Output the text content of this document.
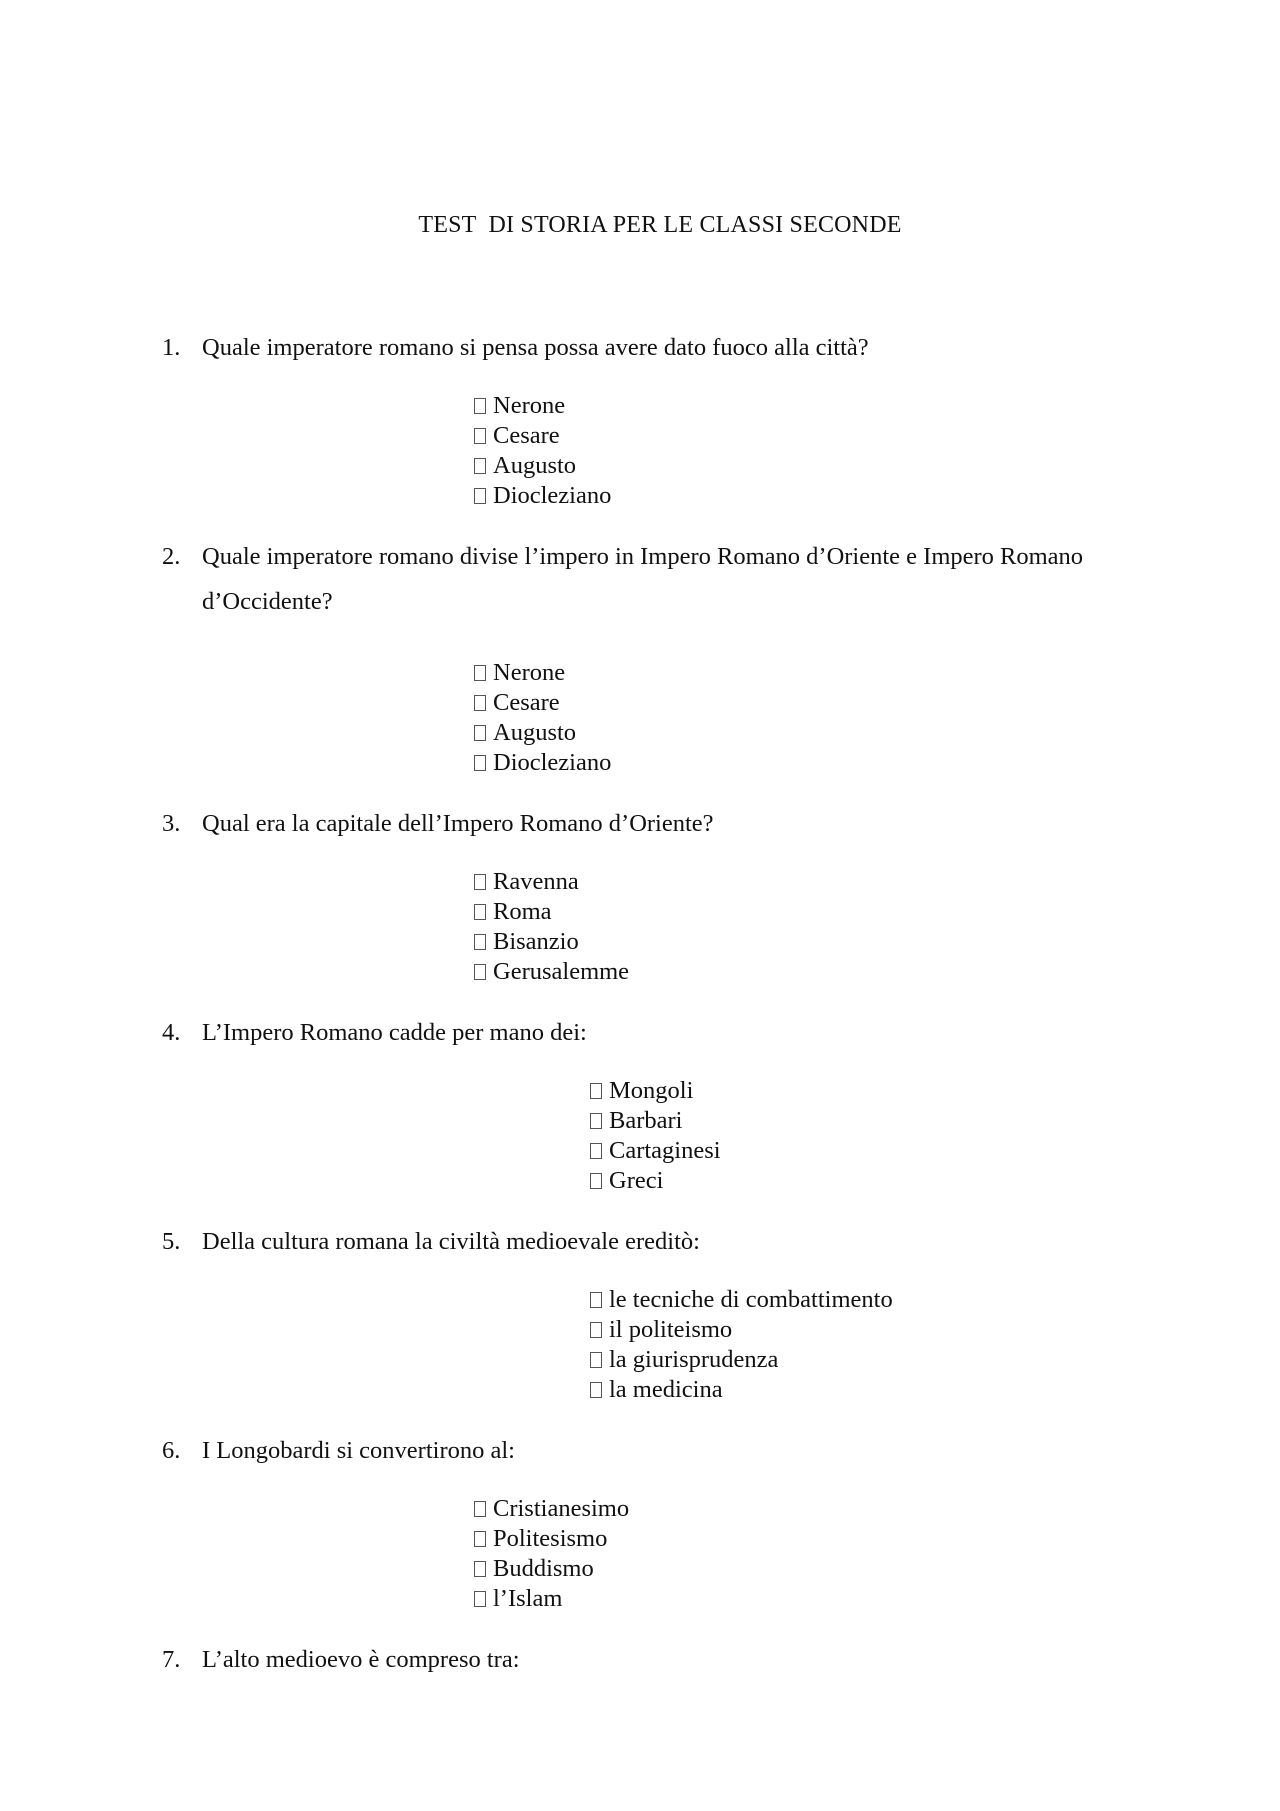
TEST  DI STORIA PER LE CLASSI SECONDE
1. Quale imperatore romano si pensa possa avere dato fuoco alla città?
Nerone
Cesare
Augusto
Diocleziano
2. Quale imperatore romano divise l’impero in Impero Romano d’Oriente e Impero Romano d’Occidente?
Nerone
Cesare
Augusto
Diocleziano
3. Qual era la capitale dell’Impero Romano d’Oriente?
Ravenna
Roma
Bisanzio
Gerusalemme
4. L’Impero Romano cadde per mano dei:
Mongoli
Barbari
Cartaginesi
Greci
5. Della cultura romana la civiltà medioevale ereditò:
le tecniche di combattimento
il politeismo
la giurisprudenza
la medicina
6. I Longobardi si convertirono al:
Cristianesimo
Politesismo
Buddismo
l’Islam
7. L’alto medioevo è compreso tra:
